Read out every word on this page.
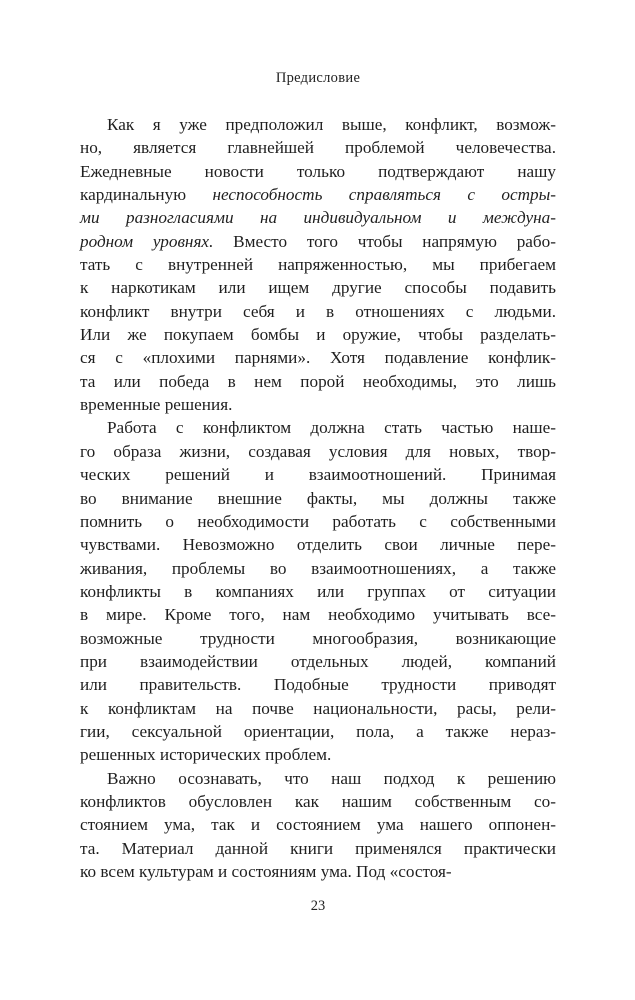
Предисловие
Как я уже предположил выше, конфликт, возмож-
но, является главнейшей проблемой человечества.
Ежедневные новости только подтверждают нашу
кардинальную неспособность справляться с остры-
ми разногласиями на индивидуальном и междуна-
родном уровнях. Вместо того чтобы напрямую рабо-
тать с внутренней напряженностью, мы прибегаем
к наркотикам или ищем другие способы подавить
конфликт внутри себя и в отношениях с людьми.
Или же покупаем бомбы и оружие, чтобы разделать-
ся с «плохими парнями». Хотя подавление конфлик-
та или победа в нем порой необходимы, это лишь
временные решения.
Работа с конфликтом должна стать частью наше-
го образа жизни, создавая условия для новых, твор-
ческих решений и взаимоотношений. Принимая
во внимание внешние факты, мы должны также
помнить о необходимости работать с собственными
чувствами. Невозможно отделить свои личные пере-
живания, проблемы во взаимоотношениях, а также
конфликты в компаниях или группах от ситуации
в мире. Кроме того, нам необходимо учитывать все-
возможные трудности многообразия, возникающие
при взаимодействии отдельных людей, компаний
или правительств. Подобные трудности приводят
к конфликтам на почве национальности, расы, рели-
гии, сексуальной ориентации, пола, а также нераз-
решенных исторических проблем.
Важно осознавать, что наш подход к решению
конфликтов обусловлен как нашим собственным со-
стоянием ума, так и состоянием ума нашего оппонен-
та. Материал данной книги применялся практически
ко всем культурам и состояниям ума. Под «состоя-
23
